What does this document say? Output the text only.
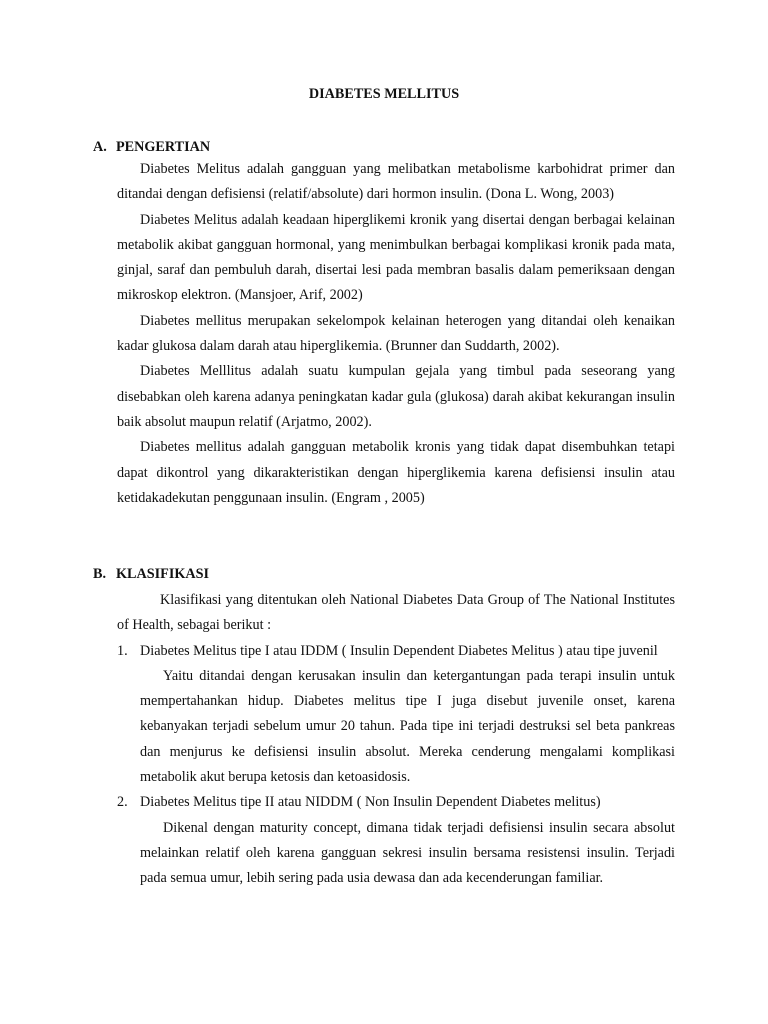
DIABETES MELLITUS
A. PENGERTIAN

Diabetes Melitus adalah gangguan yang melibatkan metabolisme karbohidrat primer dan ditandai dengan defisiensi (relatif/absolute) dari hormon insulin. (Dona L. Wong, 2003)

Diabetes Melitus adalah keadaan hiperglikemi kronik yang disertai dengan berbagai kelainan metabolik akibat gangguan hormonal, yang menimbulkan berbagai komplikasi kronik pada mata, ginjal, saraf dan pembuluh darah, disertai lesi pada membran basalis dalam pemeriksaan dengan mikroskop elektron. (Mansjoer, Arif, 2002)

Diabetes mellitus merupakan sekelompok kelainan heterogen yang ditandai oleh kenaikan kadar glukosa dalam darah atau hiperglikemia. (Brunner dan Suddarth, 2002).

Diabetes Melllitus adalah suatu kumpulan gejala yang timbul pada seseorang yang disebabkan oleh karena adanya peningkatan kadar gula (glukosa) darah akibat kekurangan insulin baik absolut maupun relatif (Arjatmo, 2002).

Diabetes mellitus adalah gangguan metabolik kronis yang tidak dapat disembuhkan tetapi dapat dikontrol yang dikarakteristikan dengan hiperglikemia karena defisiensi insulin atau ketidakadekutan penggunaan insulin. (Engram , 2005)

B. KLASIFIKASI

Klasifikasi yang ditentukan oleh National Diabetes Data Group of The National Institutes of Health, sebagai berikut :

1. Diabetes Melitus tipe I atau IDDM ( Insulin Dependent Diabetes Melitus ) atau tipe juvenil

Yaitu ditandai dengan kerusakan insulin dan ketergantungan pada terapi insulin untuk mempertahankan hidup. Diabetes melitus tipe I juga disebut juvenile onset, karena kebanyakan terjadi sebelum umur 20 tahun. Pada tipe ini terjadi destruksi sel beta pankreas dan menjurus ke defisiensi insulin absolut. Mereka cenderung mengalami komplikasi metabolik akut berupa ketosis dan ketoasidosis.

2. Diabetes Melitus tipe II atau NIDDM ( Non Insulin Dependent Diabetes melitus)

Dikenal dengan maturity concept, dimana tidak terjadi defisiensi insulin secara absolut melainkan relatif oleh karena gangguan sekresi insulin bersama resistensi insulin. Terjadi pada semua umur, lebih sering pada usia dewasa dan ada kecenderungan familiar.
